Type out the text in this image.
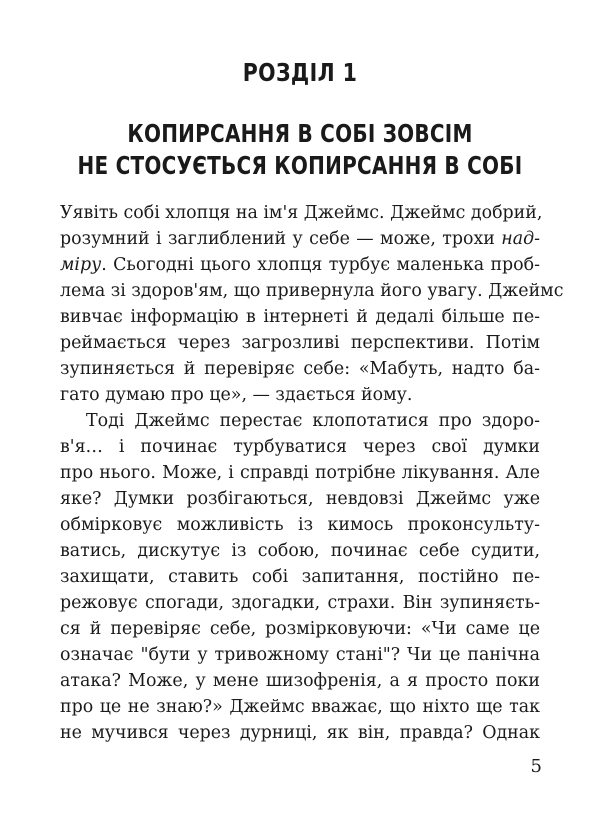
РОЗДІЛ 1
КОПИРСАННЯ В СОБІ ЗОВСІМ
НЕ СТОСУЄТЬСЯ КОПИРСАННЯ В СОБІ
Уявіть собі хлопця на ім'я Джеймс. Джеймс добрий,
розумний і заглиблений у себе — може, трохи над-
міру. Сьогодні цього хлопця турбує маленька проб-
лема зі здоров'ям, що привернула його увагу. Джеймс
вивчає інформацію в інтернеті й дедалі більше пе-
реймається через загрозливі перспективи. Потім
зупиняється й перевіряє себе: «Мабуть, надто ба-
гато думаю про це», — здається йому.
Тоді Джеймс перестає клопотатися про здоро-
в'я… і починає турбуватися через свої думки
про нього. Може, і справді потрібне лікування. Але
яке? Думки розбігаються, невдовзі Джеймс уже
обмірковує можливість із кимось проконсульту-
ватись, дискутує із собою, починає себе судити,
захищати, ставить собі запитання, постійно пе-
режовує спогади, здогадки, страхи. Він зупиняєть-
ся й перевіряє себе, розмірковуючи: «Чи саме це
означає "бути у тривожному стані"? Чи це панічна
атака? Може, у мене шизофренія, а я просто поки
про це не знаю?» Джеймс вважає, що ніхто ще так
не мучився через дурниці, як він, правда? Однак
5
